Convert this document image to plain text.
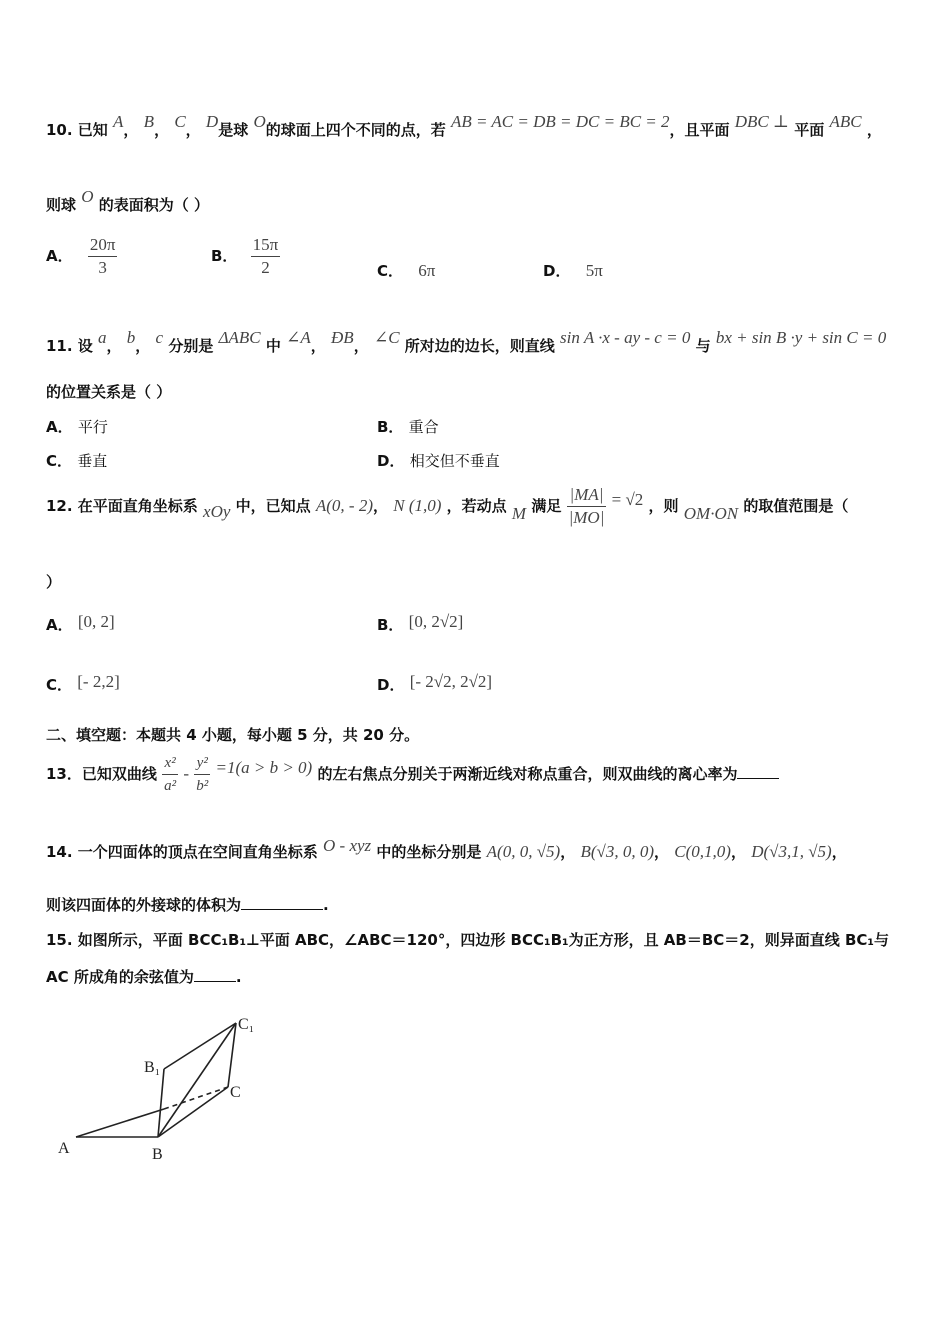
10. 已知 A， B， C， D是球 O的球面上四个不同的点，若 AB = AC = DB = DC = BC = 2，且平面 DBC ⊥ 平面 ABC ，
则球 O 的表面积为（ ）
A． $\frac{20\pi}{3}$	B． $\frac{15\pi}{2}$	C． 6π	D． 5π
11. 设 a， b， c 分别是 ΔABC 中 ∠A， ÐB， ∠C 所对边的边长，则直线 sin A ·x - ay - c = 0 与 bx + sin B ·y + sin C = 0
的位置关系是（ ）
A． 平行	B． 重合
C． 垂直	D． 相交但不垂直
12. 在平面直角坐标系 xOy 中，已知点 A(0, - 2)， N (1,0) ，若动点 M 满足 $\frac{|MA|}{|MO|} = √2$ ，则 OM·ON 的取值范围是（
）
A． [0, 2]	B． [0, 2√2]
C． [- 2,2]	D． [- 2√2, 2√2]
二、填空题：本题共 4 小题，每小题 5 分，共 20 分。
13．已知双曲线 $\frac{\text{x²}}{\text{a²}} - \frac{\text{y²}}{\text{b²}} =1(a > b > 0)$ 的左右焦点分别关于两渐近线对称点重合，则双曲线的离心率为
14. 一个四面体的顶点在空间直角坐标系 O - xyz 中的坐标分别是 A(0, 0, √5)， B(√3, 0, 0)， C(0,1,0)， D(√3,1, √5)，
则该四面体的外接球的体积为	.
15. 如图所示，平面 BCC₁B₁⊥平面 ABC，∠ABC＝120°，四边形 BCC₁B₁为正方形，且 AB＝BC＝2，则异面直线 BC₁与
AC 所成角的余弦值为	.
A	B
C
B₁
C₁
